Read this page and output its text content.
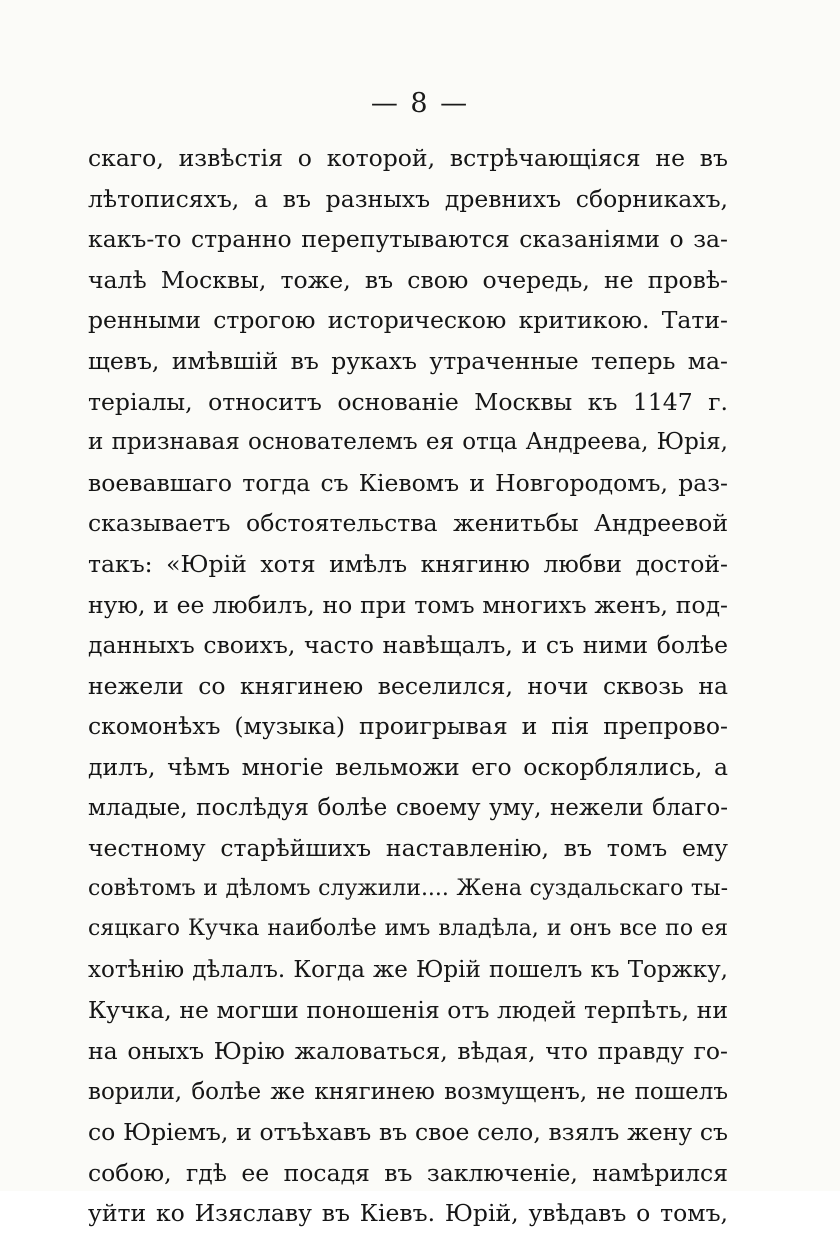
— 8 —
скаго, извѣстія о которой, встрѣчающіяся не въ
лѣтописяхъ, а въ разныхъ древнихъ сборникахъ,
какъ-то странно перепутываются сказаніями о за-
чалѣ Москвы, тоже, въ свою очередь, не провѣ-
ренными строгою историческою критикою. Тати-
щевъ, имѣвшій въ рукахъ утраченные теперь ма-
теріалы, относитъ основаніе Москвы къ 1147 г.
и признавая основателемъ ея отца Андреева, Юрія,
воевавшаго тогда съ Кіевомъ и Новгородомъ, раз-
сказываетъ обстоятельства женитьбы Андреевой
такъ: «Юрій хотя имѣлъ княгиню любви достой-
ную, и ее любилъ, но при томъ многихъ женъ, под-
данныхъ своихъ, часто навѣщалъ, и съ ними болѣе
нежели со княгинею веселился, ночи сквозь на
скомонѣхъ (музыка) проигрывая и пія препрово-
дилъ, чѣмъ многіе вельможи его оскорблялись, а
младые, послѣдуя болѣе своему уму, нежели благо-
честному старѣйшихъ наставленію, въ томъ ему
совѣтомъ и дѣломъ служили.... Жена суздальскаго ты-
сяцкаго Кучка наиболѣе имъ владѣла, и онъ все по ея
хотѣнію дѣлалъ. Когда же Юрій пошелъ къ Торжку,
Кучка, не могши поношенія отъ людей терпѣть, ни
на оныхъ Юрію жаловаться, вѣдая, что правду го-
ворили, болѣе же княгинею возмущенъ, не пошелъ
со Юріемъ, и отъѣхавъ въ свое село, взялъ жену съ
собою, гдѣ ее посадя въ заключеніе, намѣрился
уйти ко Изяславу въ Кіевъ. Юрій, увѣдавъ о томъ,
